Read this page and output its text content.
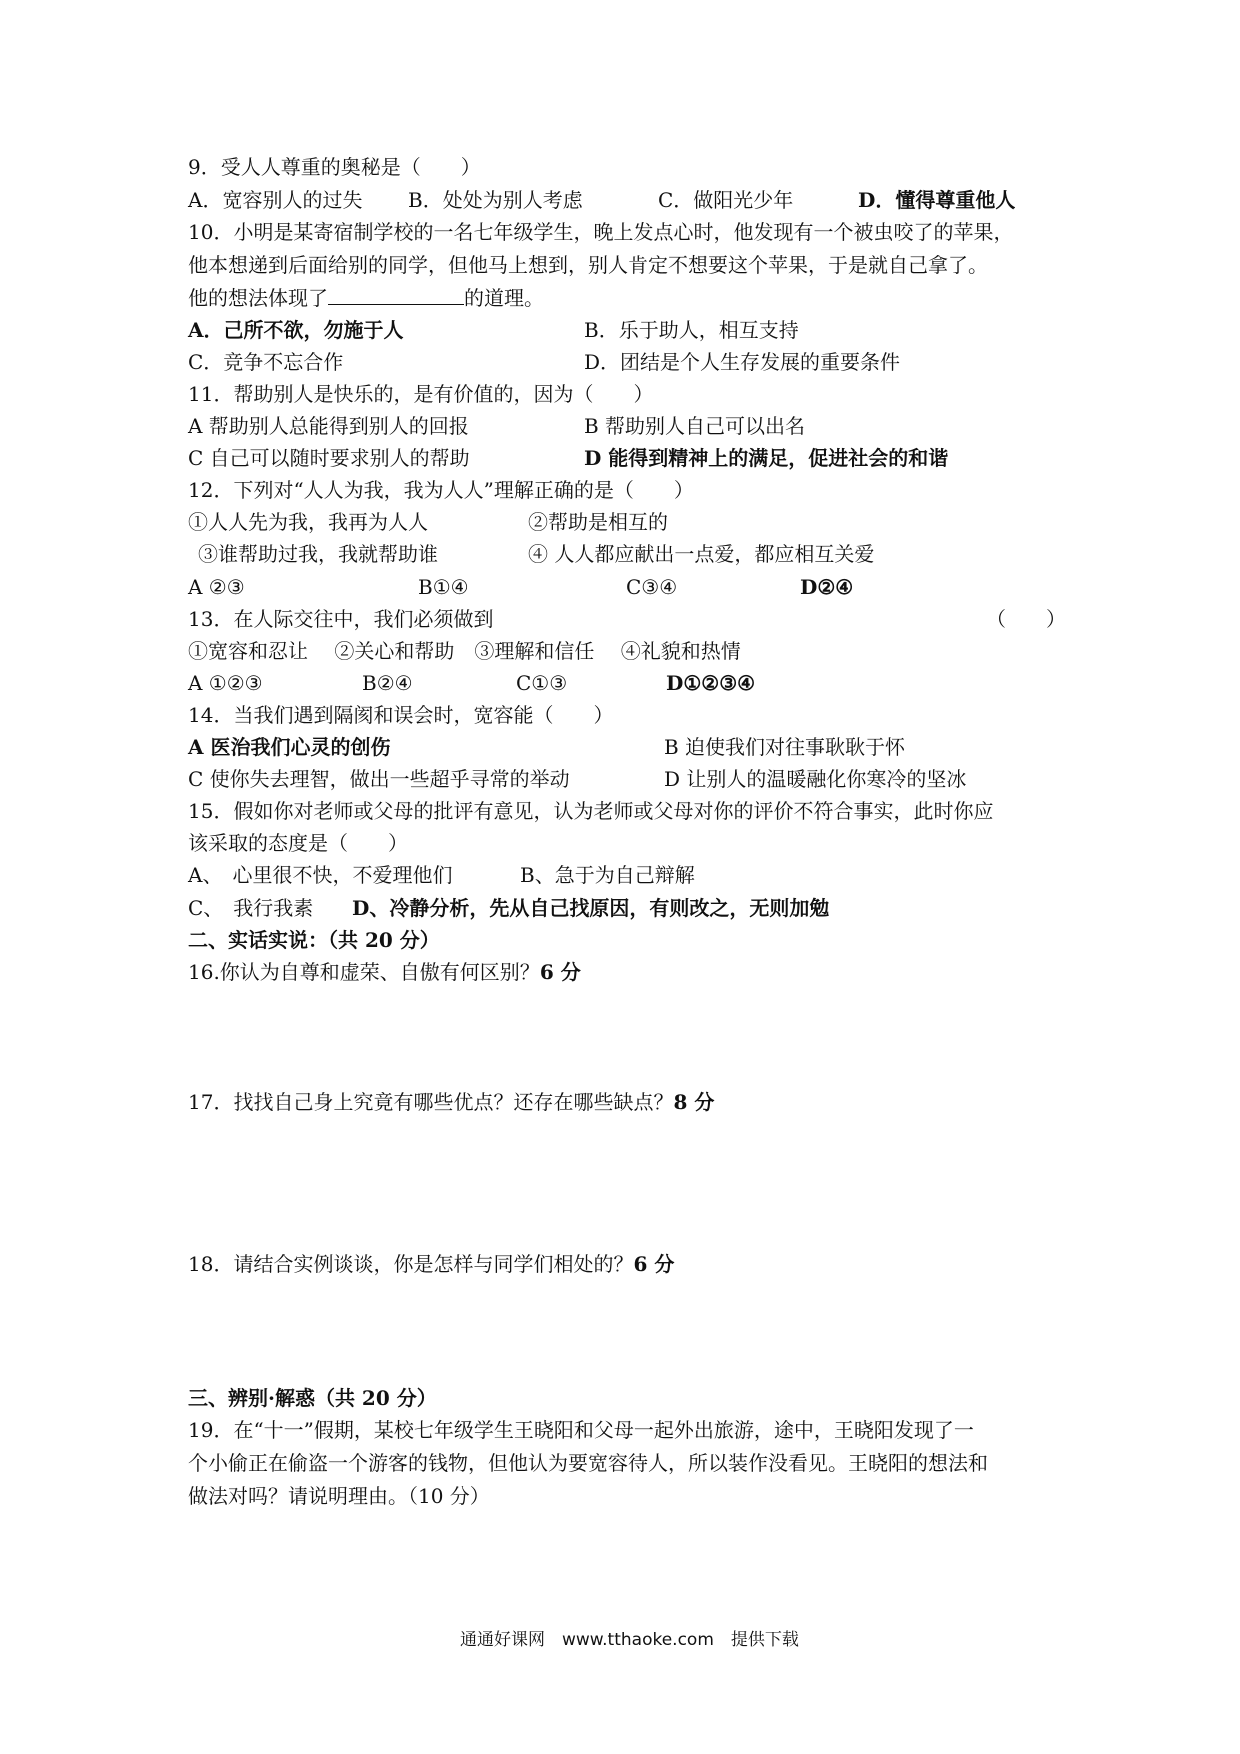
9．受人人尊重的奥秘是（　　）
A．宽容别人的过失 B．处处为别人考虑	C．做阳光少年	D．懂得尊重他人
10．小明是某寄宿制学校的一名七年级学生，晚上发点心时，他发现有一个被虫咬了的苹果，
他本想递到后面给别的同学，但他马上想到，别人肯定不想要这个苹果，于是就自己拿了。
他的想法体现了	的道理。
A．己所不欲，勿施于人	B．乐于助人，相互支持
C．竞争不忘合作	D．团结是个人生存发展的重要条件
11．帮助别人是快乐的，是有价值的，因为（　　）
A 帮助别人总能得到别人的回报	B 帮助别人自己可以出名
C 自己可以随时要求别人的帮助	D 能得到精神上的满足，促进社会的和谐
12．下列对“人人为我，我为人人”理解正确的是（　　）
①人人先为我，我再为人人	②帮助是相互的
③谁帮助过我，我就帮助谁	④ 人人都应献出一点爱，都应相互关爱
A ②③	B①④	C③④	D②④
13．在人际交往中，我们必须做到	（　　）
①宽容和忍让　 ②关心和帮助　③理解和信任　 ④礼貌和热情
A ①②③	B②④	C①③	D①②③④
14．当我们遇到隔阂和误会时，宽容能（　　）
A 医治我们心灵的创伤	B 迫使我们对往事耿耿于怀
C 使你失去理智，做出一些超乎寻常的举动	D 让别人的温暖融化你寒冷的坚冰
15．假如你对老师或父母的批评有意见，认为老师或父母对你的评价不符合事实，此时你应
该采取的态度是（　　）
A、　心里很不快，不爱理他们	B、急于为自己辩解
C、　我行我素 D、冷静分析，先从自己找原因，有则改之，无则加勉
二、实话实说：（共 20 分）
16.你认为自尊和虚荣、自傲有何区别？6 分
17．找找自己身上究竟有哪些优点？还存在哪些缺点？8 分
18．请结合实例谈谈，你是怎样与同学们相处的？6 分
三、辨别·解惑（共 20 分）
19．在“十一”假期，某校七年级学生王晓阳和父母一起外出旅游，途中，王晓阳发现了一
个小偷正在偷盗一个游客的钱物，但他认为要宽容待人，所以装作没看见。王晓阳的想法和
做法对吗？请说明理由。（10 分）
通通好课网　www.tthaoke.com　提供下载
